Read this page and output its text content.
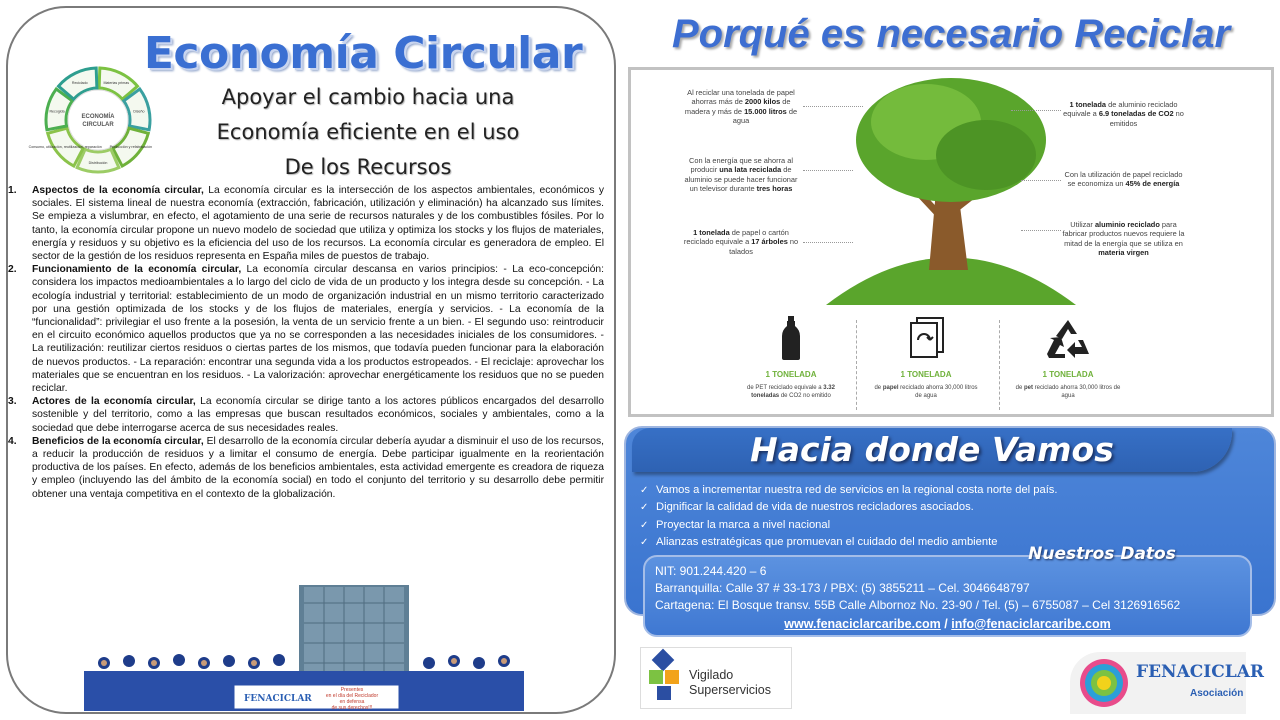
ECONOMÍA
CIRCULAR
Materias primas
Diseño
Producción y refabricación
Distribución
Consumo, utilización, reutilización, reparación
Recogida
Reciclado
Economía Circular
Apoyar el cambio hacia una
Economía eficiente en el uso
De los Recursos
1. Aspectos de la economía circular, La economía circular es la intersección de los aspectos ambientales, económicos y sociales. El sistema lineal de nuestra economía (extracción, fabricación, utilización y eliminación) ha alcanzado sus límites. Se empieza a vislumbrar, en efecto, el agotamiento de una serie de recursos naturales y de los combustibles fósiles. Por lo tanto, la economía circular propone un nuevo modelo de sociedad que utiliza y optimiza los stocks y los flujos de materiales, energía y residuos y su objetivo es la eficiencia del uso de los recursos. La economía circular es generadora de empleo. El sector de la gestión de los residuos representa en España miles de puestos de trabajo.
2. Funcionamiento de la economía circular, La economía circular descansa en varios principios: - La eco-concepción: considera los impactos medioambientales a lo largo del ciclo de vida de un producto y los integra desde su concepción. - La ecología industrial y territorial: establecimiento de un modo de organización industrial en un mismo territorio caracterizado por una gestión optimizada de los stocks y de los flujos de materiales, energía y servicios. - La economía de la “funcionalidad”: privilegiar el uso frente a la posesión, la venta de un servicio frente a un bien. - El segundo uso: reintroducir en el circuito económico aquellos productos que ya no se corresponden a las necesidades iniciales de los consumidores. - La reutilización: reutilizar ciertos residuos o ciertas partes de los mismos, que todavía pueden funcionar para la elaboración de nuevos productos. - La reparación: encontrar una segunda vida a los productos estropeados. - El reciclaje: aprovechar los materiales que se encuentran en los residuos. - La valorización: aprovechar energéticamente los residuos que no se pueden reciclar.
3. Actores de la economía circular, La economía circular se dirige tanto a los actores públicos encargados del desarrollo sostenible y del territorio, como a las empresas que buscan resultados económicos, sociales y ambientales, como a la sociedad que debe interrogarse acerca de sus necesidades reales.
4. Beneficios de la economía circular, El desarrollo de la economía circular debería ayudar a disminuir el uso de los recursos, a reducir la producción de residuos y a limitar el consumo de energía. Debe participar igualmente en la reorientación productiva de los países. En efecto, además de los beneficios ambientales, esta actividad emergente es creadora de riqueza y empleo (incluyendo las del ámbito de la economía social) en todo el conjunto del territorio y su desarrollo debe permitir obtener una ventaja competitiva en el contexto de la globalización.
FENACICLAR
Presentes
en el día del Reciclador
en defensa
de sus derechos!!!
Porqué es necesario Reciclar
Al reciclar una tonelada de papel ahorras más de 2000 kilos de madera y más de 15.000 litros de agua
Con la energía que se ahorra al producir una lata reciclada de aluminio se puede hacer funcionar un televisor durante tres horas
1 tonelada de papel o cartón reciclado equivale a 17 árboles no talados
1 tonelada de aluminio reciclado equivale a 6.9 toneladas de CO2 no emitidos
Con la utilización de papel reciclado se economiza un 45% de energía
Utilizar aluminio reciclado para fabricar productos nuevos requiere la mitad de la energía que se utiliza en materia virgen
1 TONELADA
de PET reciclado equivale a 3.32 toneladas de CO2 no emitido
1 TONELADA
de papel reciclado ahorra 30,000 litros de agua
1 TONELADA
de pet reciclado ahorra 30,000 litros de agua
Hacia donde Vamos
✓ Vamos a incrementar nuestra red de servicios en la regional costa norte del país.
✓ Dignificar la calidad de vida de nuestros recicladores asociados.
✓ Proyectar la marca a nivel nacional
✓ Alianzas estratégicas que promuevan el cuidado del medio ambiente
NIT: 901.244.420 – 6
Barranquilla: Calle 37 # 33-173 / PBX: (5) 3855211 – Cel. 3046648797
Cartagena: El Bosque transv. 55B Calle Albornoz No. 23-90 / Tel. (5) – 6755087 – Cel 3126916562
www.fenaciclarcaribe.com / info@fenaciclarcaribe.com
Nuestros Datos
Vigilado
Superservicios
FENACICLAR
Asociación
